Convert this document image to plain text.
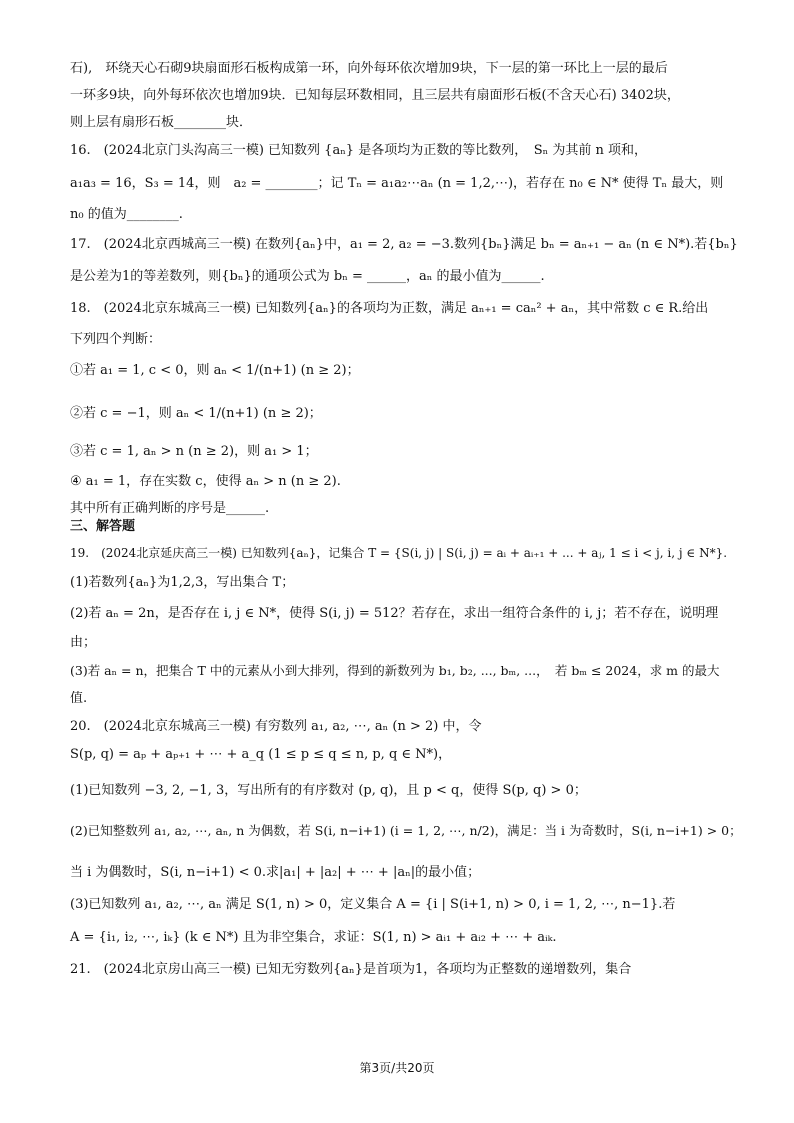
石),　环绕天心石砌9块扇面形石板构成第一环，向外每环依次增加9块，下一层的第一环比上一层的最后
一环多9块，向外每环依次也增加9块．已知每层环数相同，且三层共有扇面形石板(不含天心石) 3402块，
则上层有扇形石板________块．
16.　(2024北京门头沟高三一模) 已知数列 {aₙ} 是各项均为正数的等比数列，　Sₙ 为其前 n 项和，
a₁a₃ = 16，S₃ = 14，则　a₂ = ________；记 Tₙ = a₁a₂⋯aₙ (n = 1,2,⋯)，若存在 n₀ ∈ N* 使得 Tₙ 最大，则
n₀ 的值为________.
17.　(2024北京西城高三一模) 在数列{aₙ}中，a₁ = 2, a₂ = −3.数列{bₙ}满足 bₙ = aₙ₊₁ − aₙ (n ∈ N*).若{bₙ}
是公差为1的等差数列，则{bₙ}的通项公式为 bₙ = ______，aₙ 的最小值为______.
18.　(2024北京东城高三一模) 已知数列{aₙ}的各项均为正数，满足 aₙ₊₁ = caₙ² + aₙ，其中常数 c ∈ R.给出
下列四个判断：
①若 a₁ = 1, c < 0，则 aₙ < 1/(n+1) (n ≥ 2)；
②若 c = −1，则 aₙ < 1/(n+1) (n ≥ 2)；
③若 c = 1, aₙ > n (n ≥ 2)，则 a₁ > 1；
④ a₁ = 1，存在实数 c，使得 aₙ > n (n ≥ 2).
其中所有正确判断的序号是______.
三、解答题
19.　(2024北京延庆高三一模) 已知数列{aₙ}，记集合 T = {S(i, j) | S(i, j) = aᵢ + aᵢ₊₁ + ... + aⱼ, 1 ≤ i < j, i, j ∈ N*}.
(1)若数列{aₙ}为1,2,3，写出集合 T；
(2)若 aₙ = 2n，是否存在 i, j ∈ N*，使得 S(i, j) = 512？若存在，求出一组符合条件的 i, j；若不存在，说明理
由；
(3)若 aₙ = n，把集合 T 中的元素从小到大排列，得到的新数列为 b₁, b₂, ..., bₘ, ...，　若 bₘ ≤ 2024，求 m 的最大
值.
20.　(2024北京东城高三一模) 有穷数列 a₁, a₂, ⋯, aₙ (n > 2) 中，令
S(p, q) = aₚ + aₚ₊₁ + ⋯ + a_q (1 ≤ p ≤ q ≤ n, p, q ∈ N*)，
(1)已知数列 −3, 2, −1, 3，写出所有的有序数对 (p, q)，且 p < q，使得 S(p, q) > 0；
(2)已知整数列 a₁, a₂, ⋯, aₙ, n 为偶数，若 S(i, n−i+1) (i = 1, 2, ⋯, n/2)，满足：当 i 为奇数时，S(i, n−i+1) > 0；
当 i 为偶数时，S(i, n−i+1) < 0.求|a₁| + |a₂| + ⋯ + |aₙ|的最小值；
(3)已知数列 a₁, a₂, ⋯, aₙ 满足 S(1, n) > 0，定义集合 A = {i | S(i+1, n) > 0, i = 1, 2, ⋯, n−1}.若
A = {i₁, i₂, ⋯, iₖ} (k ∈ N*) 且为非空集合，求证：S(1, n) > aᵢ₁ + aᵢ₂ + ⋯ + aᵢₖ.
21.　(2024北京房山高三一模) 已知无穷数列{aₙ}是首项为1，各项均为正整数的递增数列，集合
第3页/共20页
